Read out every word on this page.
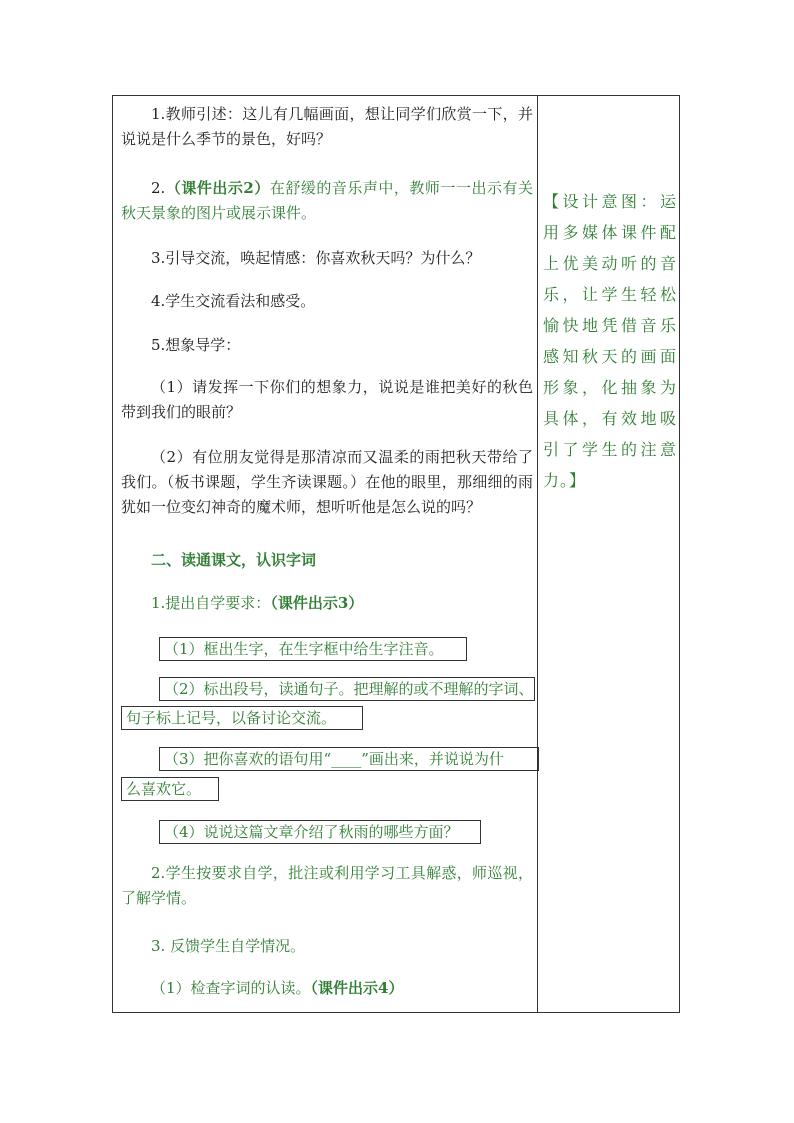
1.教师引述：这儿有几幅画面，想让同学们欣赏一下，并说说是什么季节的景色，好吗？
2.（课件出示2）在舒缓的音乐声中，教师一一出示有关秋天景象的图片或展示课件。
3.引导交流，唤起情感：你喜欢秋天吗？为什么？
4.学生交流看法和感受。
5.想象导学：
（1）请发挥一下你们的想象力，说说是谁把美好的秋色带到我们的眼前？
（2）有位朋友觉得是那清凉而又温柔的雨把秋天带给了我们。（板书课题，学生齐读课题。）在他的眼里，那细细的雨犹如一位变幻神奇的魔术师，想听听他是怎么说的吗？
二、读通课文，认识字词
1.提出自学要求：（课件出示3）
（1）框出生字，在生字框中给生字注音。
（2）标出段号，读通句子。把理解的或不理解的字词、
句子标上记号，以备讨论交流。
（3）把你喜欢的语句用“____”画出来，并说说为什
么喜欢它。
（4）说说这篇文章介绍了秋雨的哪些方面？
2.学生按要求自学，批注或利用学习工具解惑，师巡视，了解学情。
3. 反馈学生自学情况。
（1）检查字词的认读。（课件出示4）
【设计意图：运用多媒体课件配上优美动听的音乐，让学生轻松愉快地凭借音乐感知秋天的画面形象，化抽象为具体，有效地吸引了学生的注意力。】
